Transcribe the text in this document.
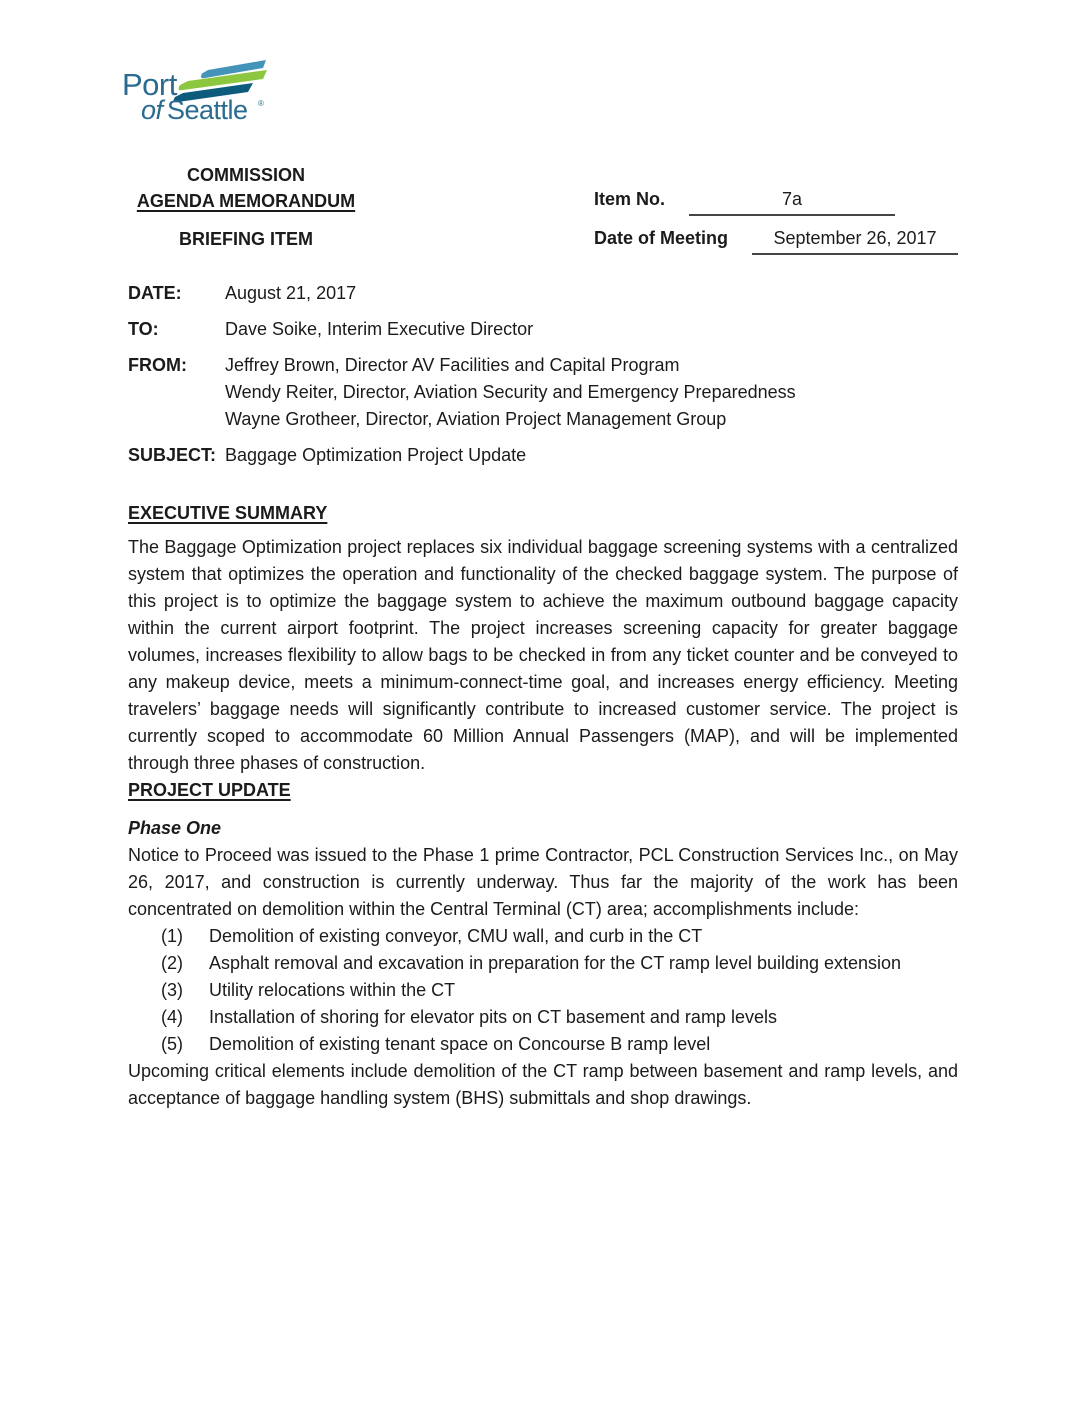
Port
of Seattle ®
COMMISSION
AGENDA MEMORANDUM
BRIEFING ITEM
Item No.	7a
Date of Meeting	September 26, 2017
DATE:	August 21, 2017
TO:	Dave Soike, Interim Executive Director
FROM:	Jeffrey Brown, Director AV Facilities and Capital Program
Wendy Reiter, Director, Aviation Security and Emergency Preparedness
Wayne Grotheer, Director, Aviation Project Management Group
SUBJECT: Baggage Optimization Project Update
EXECUTIVE SUMMARY

The Baggage Optimization project replaces six individual baggage screening systems with a centralized system that optimizes the operation and functionality of the checked baggage system. The purpose of this project is to optimize the baggage system to achieve the maximum outbound baggage capacity within the current airport footprint. The project increases screening capacity for greater baggage volumes, increases flexibility to allow bags to be checked in from any ticket counter and be conveyed to any makeup device, meets a minimum-connect-time goal, and increases energy efficiency. Meeting travelers’ baggage needs will significantly contribute to increased customer service. The project is currently scoped to accommodate 60 Million Annual Passengers (MAP), and will be implemented through three phases of construction.

PROJECT UPDATE
Phase One

Notice to Proceed was issued to the Phase 1 prime Contractor, PCL Construction Services Inc., on May 26, 2017, and construction is currently underway. Thus far the majority of the work has been concentrated on demolition within the Central Terminal (CT) area; accomplishments include:

(1)	Demolition of existing conveyor, CMU wall, and curb in the CT
(2)	Asphalt removal and excavation in preparation for the CT ramp level building extension
(3)	Utility relocations within the CT
(4)	Installation of shoring for elevator pits on CT basement and ramp levels
(5)	Demolition of existing tenant space on Concourse B ramp level

Upcoming critical elements include demolition of the CT ramp between basement and ramp levels, and acceptance of baggage handling system (BHS) submittals and shop drawings.
